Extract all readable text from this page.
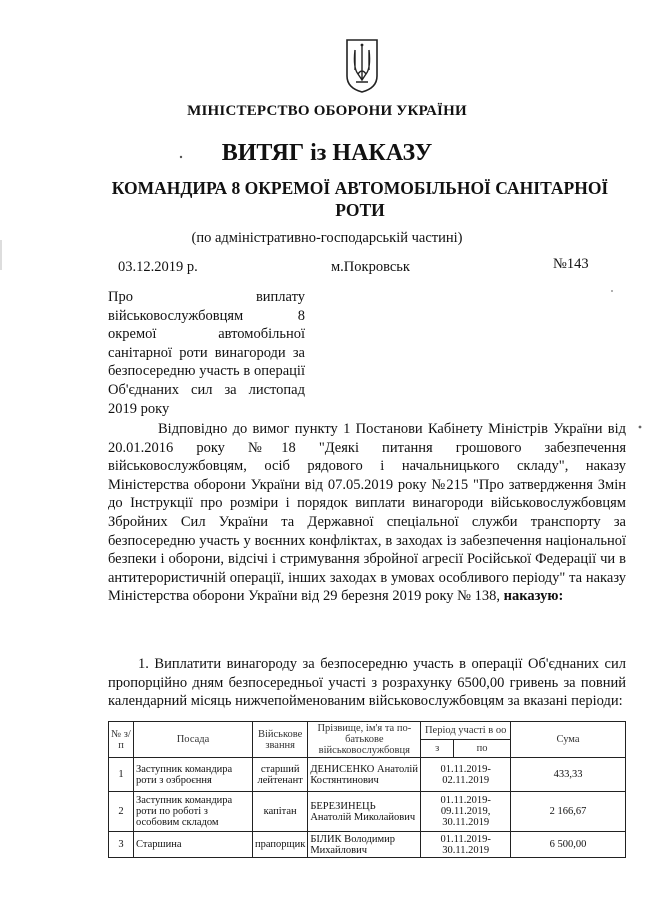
МІНІСТЕРСТВО ОБОРОНИ УКРАЇНИ
ВИТЯГ із НАКАЗУ
КОМАНДИРА 8 ОКРЕМОЇ АВТОМОБІЛЬНОЇ САНІТАРНОЇ РОТИ
(по адміністративно-господарській частині)
03.12.2019 р.	м.Покровськ	№143
Про виплату військовослужбовцям 8 окремої автомобільної санітарної роти винагороди за безпосередню участь в операції Об'єднаних сил за листопад 2019 року
Відповідно до вимог пункту 1 Постанови Кабінету Міністрів України від 20.01.2016 року №18 "Деякі питання грошового забезпечення військовослужбовцям, осіб рядового і начальницького складу", наказу Міністерства оборони України від 07.05.2019 року №215 "Про затвердження Змін до Інструкції про розміри і порядок виплати винагороди військовослужбовцям Збройних Сил України та Державної спеціальної служби транспорту за безпосередню участь у воєнних конфліктах, в заходах із забезпечення національної безпеки і оборони, відсічі і стримування збройної агресії Російської Федерації чи в антитерористичній операції, інших заходах в умовах особливого періоду" та наказу Міністерства оборони України від 29 березня 2019 року № 138, наказую:
1. Виплатити винагороду за безпосередню участь в операції Об'єднаних сил пропорційно дням безпосередньої участі з розрахунку 6500,00 гривень за повний календарний місяць нижчепойменованим військовослужбовцям за вказані періоди:
№ з/п	Посада	Військове звання	Прізвище, ім'я та по-батькове військовослужбовця	Період участі в оо		Сума
				з	по	
1	Заступник командира роти з озброєння	старший лейтенант	ДЕНИСЕНКО Анатолій Костянтинович	01.11.2019-02.11.2019		433,33
2	Заступник командира роти по роботі з особовим складом	капітан	БЕРЕЗИНЕЦЬ Анатолій Миколайович	01.11.2019-09.11.2019, 30.11.2019		2 166,67
3	Старшина	прапорщик	БІЛИК Володимир Михайлович	01.11.2019-30.11.2019		6 500,00
